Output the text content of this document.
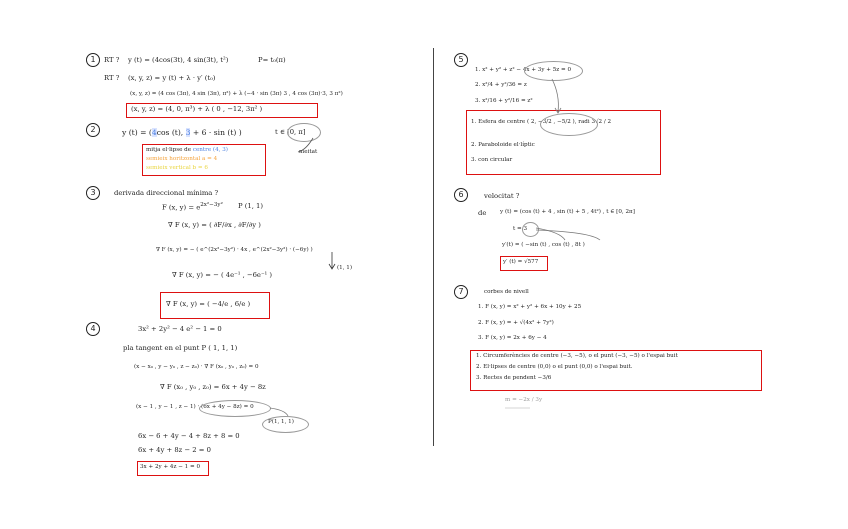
1	RT ? y (t) = (4cos(3t), 4 sin(3t), t²)	P= t₀(π)
RT ? (x, y, z) = y (t) + λ · y′ (t₀)
(x, y, z) = (4 cos (3π), 4 sin (3π), π²) + λ (−4 · sin (3π) 3 , 4 cos (3π)·3, 3 π²)
(x, y, z) = (4, 0, π³) + λ ( 0 , −12, 3π² )
2	y (t) = (4cos (t), 3 + 6 · sin (t) )	t ∈ [0, π]
meitat
mitja el·lipse de centre (4, 3)
semieix horitzontal a = 4
semieix vertical b = 6
3	derivada direccional mínima ?
F (x, $y) = e^{2x^2-3y^2}$ P (1, 1)
∇ F (x, y) = ( ∂F/∂x , ∂F/∂y )
∇ F (x, y) = − ( e^(2x²−3y²) · 4x , e^(2x²−3y²) · (−6y) )
∇ F (x, y) = − ( 4e⁻¹ , −6e⁻¹ )
(1, 1)
∇ F (x, y) = ( −4/e , 6/e )
4	3x² + 2y² − 4 e² − 1 = 0
pla tangent en el punt P ( 1, 1, 1)
(x − x₀ , y − y₀ , z − z₀) · ∇ F (x₀ , y₀ , z₀) = 0
∇ F (x₀ , y₀ , z₀) = 6x + 4y − 8z
(x − 1 , y − 1 , z − 1) · (6x + 4y − 8z) = 0
P(1, 1, 1)
6x − 6 + 4y − 4 + 8z + 8 = 0
6x + 4y + 8z − 2 = 0
3x + 2y + 4z − 1 = 0
5
1. x² + y² + z² − 4x + 3y + 5z = 0
2. x²/4 + y²/36 = z
3. x²/16 + y²/16 = z²
1. Esfera de centre ( 2, −3/2 , −5/2 ), radi 3√2 / 2
2. Paraboloide el·líptic
3. con circular
6	velocitat ?
de y (t) = (cos (t) + 4 , sin (t) + 5 , 4t²) , t ∈ [0, 2π]
t = 3
y′(t) = ( −sin (t) , cos (t) , 8t )
y′ (t) = √577
7	corbes de nivell
1. F (x, y) = x² + y² + 6x + 10y + 25
2. F (x, y) = + √(4x² + 7y²)
3. F (x, y) = 2x + 6y − 4
1. Circumferències de centre (−3, −5), o el punt (−3, −5) o l'espai buit
2. El·lipses de centre (0,0) o el punt (0,0) o l'espai buit.
3. Rectes de pendent −3/6
m = −2x / 3y
